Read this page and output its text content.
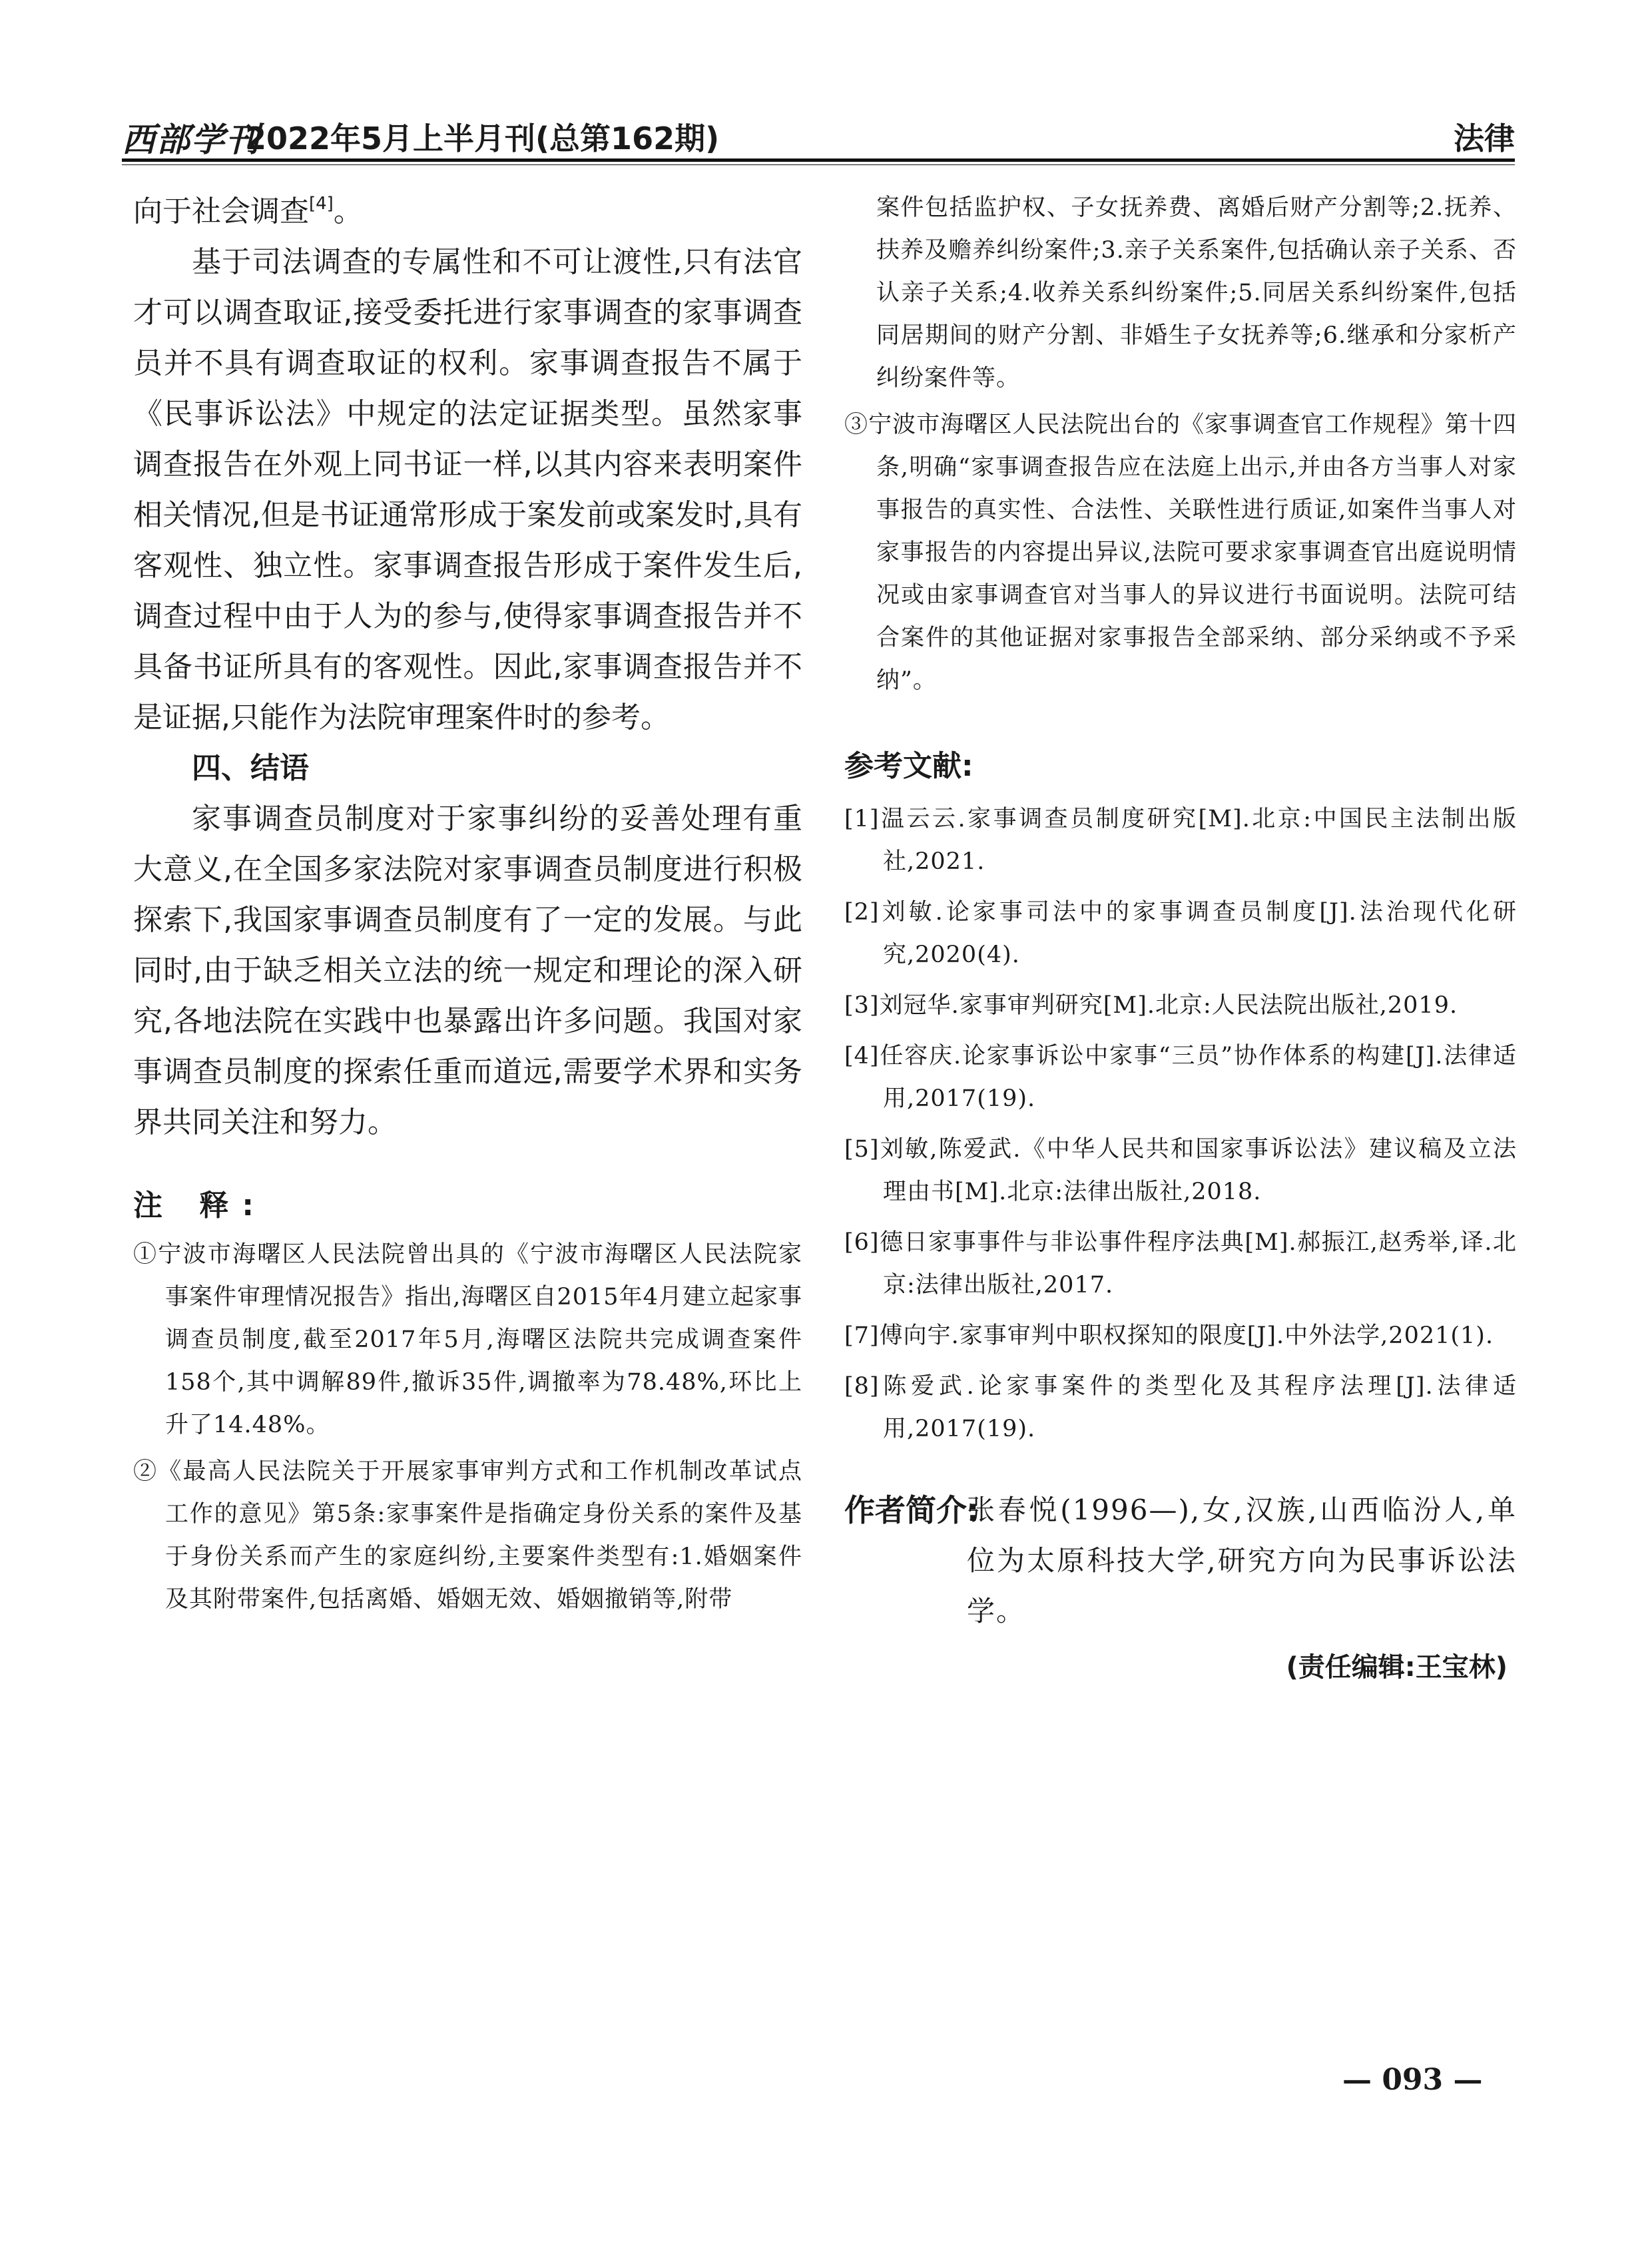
西部学刊
2022年5月上半月刊(总第162期)	法律

向于社会调查[4]。

基于司法调查的专属性和不可让渡性,只有法官才可以调查取证,接受委托进行家事调查的家事调查员并不具有调查取证的权利。家事调查报告不属于《民事诉讼法》中规定的法定证据类型。虽然家事调查报告在外观上同书证一样,以其内容来表明案件相关情况,但是书证通常形成于案发前或案发时,具有客观性、独立性。家事调查报告形成于案件发生后,调查过程中由于人为的参与,使得家事调查报告并不具备书证所具有的客观性。因此,家事调查报告并不是证据,只能作为法院审理案件时的参考。

四、结语

家事调查员制度对于家事纠纷的妥善处理有重大意义,在全国多家法院对家事调查员制度进行积极探索下,我国家事调查员制度有了一定的发展。与此同时,由于缺乏相关立法的统一规定和理论的深入研究,各地法院在实践中也暴露出许多问题。我国对家事调查员制度的探索任重而道远,需要学术界和实务界共同关注和努力。

注 释:

①宁波市海曙区人民法院曾出具的《宁波市海曙区人民法院家事案件审理情况报告》指出,海曙区自2015年4月建立起家事调查员制度,截至2017年5月,海曙区法院共完成调查案件158个,其中调解89件,撤诉35件,调撤率为78.48%,环比上升了14.48%。

②《最高人民法院关于开展家事审判方式和工作机制改革试点工作的意见》第5条:家事案件是指确定身份关系的案件及基于身份关系而产生的家庭纠纷,主要案件类型有:1.婚姻案件及其附带案件,包括离婚、婚姻无效、婚姻撤销等,附带

案件包括监护权、子女抚养费、离婚后财产分割等;2.抚养、扶养及赡养纠纷案件;3.亲子关系案件,包括确认亲子关系、否认亲子关系;4.收养关系纠纷案件;5.同居关系纠纷案件,包括同居期间的财产分割、非婚生子女抚养等;6.继承和分家析产纠纷案件等。

③宁波市海曙区人民法院出台的《家事调查官工作规程》第十四条,明确“家事调查报告应在法庭上出示,并由各方当事人对家事报告的真实性、合法性、关联性进行质证,如案件当事人对家事报告的内容提出异议,法院可要求家事调查官出庭说明情况或由家事调查官对当事人的异议进行书面说明。法院可结合案件的其他证据对家事报告全部采纳、部分采纳或不予采纳”。

参考文献:

[1]温云云.家事调查员制度研究[M].北京:中国民主法制出版社,2021.

[2]刘敏.论家事司法中的家事调查员制度[J].法治现代化研究,2020(4).

[3]刘冠华.家事审判研究[M].北京:人民法院出版社,2019.

[4]任容庆.论家事诉讼中家事“三员”协作体系的构建[J].法律适用,2017(19).

[5]刘敏,陈爱武.《中华人民共和国家事诉讼法》建议稿及立法理由书[M].北京:法律出版社,2018.

[6]德日家事事件与非讼事件程序法典[M].郝振江,赵秀举,译.北京:法律出版社,2017.

[7]傅向宇.家事审判中职权探知的限度[J].中外法学,2021(1).

[8]陈爱武.论家事案件的类型化及其程序法理[J].法律适用,2017(19).

作者简介:

张春悦(1996—),女,汉族,山西临汾人,单位为太原科技大学,研究方向为民事诉讼法学。

(责任编辑:王宝林)
— 093 —
